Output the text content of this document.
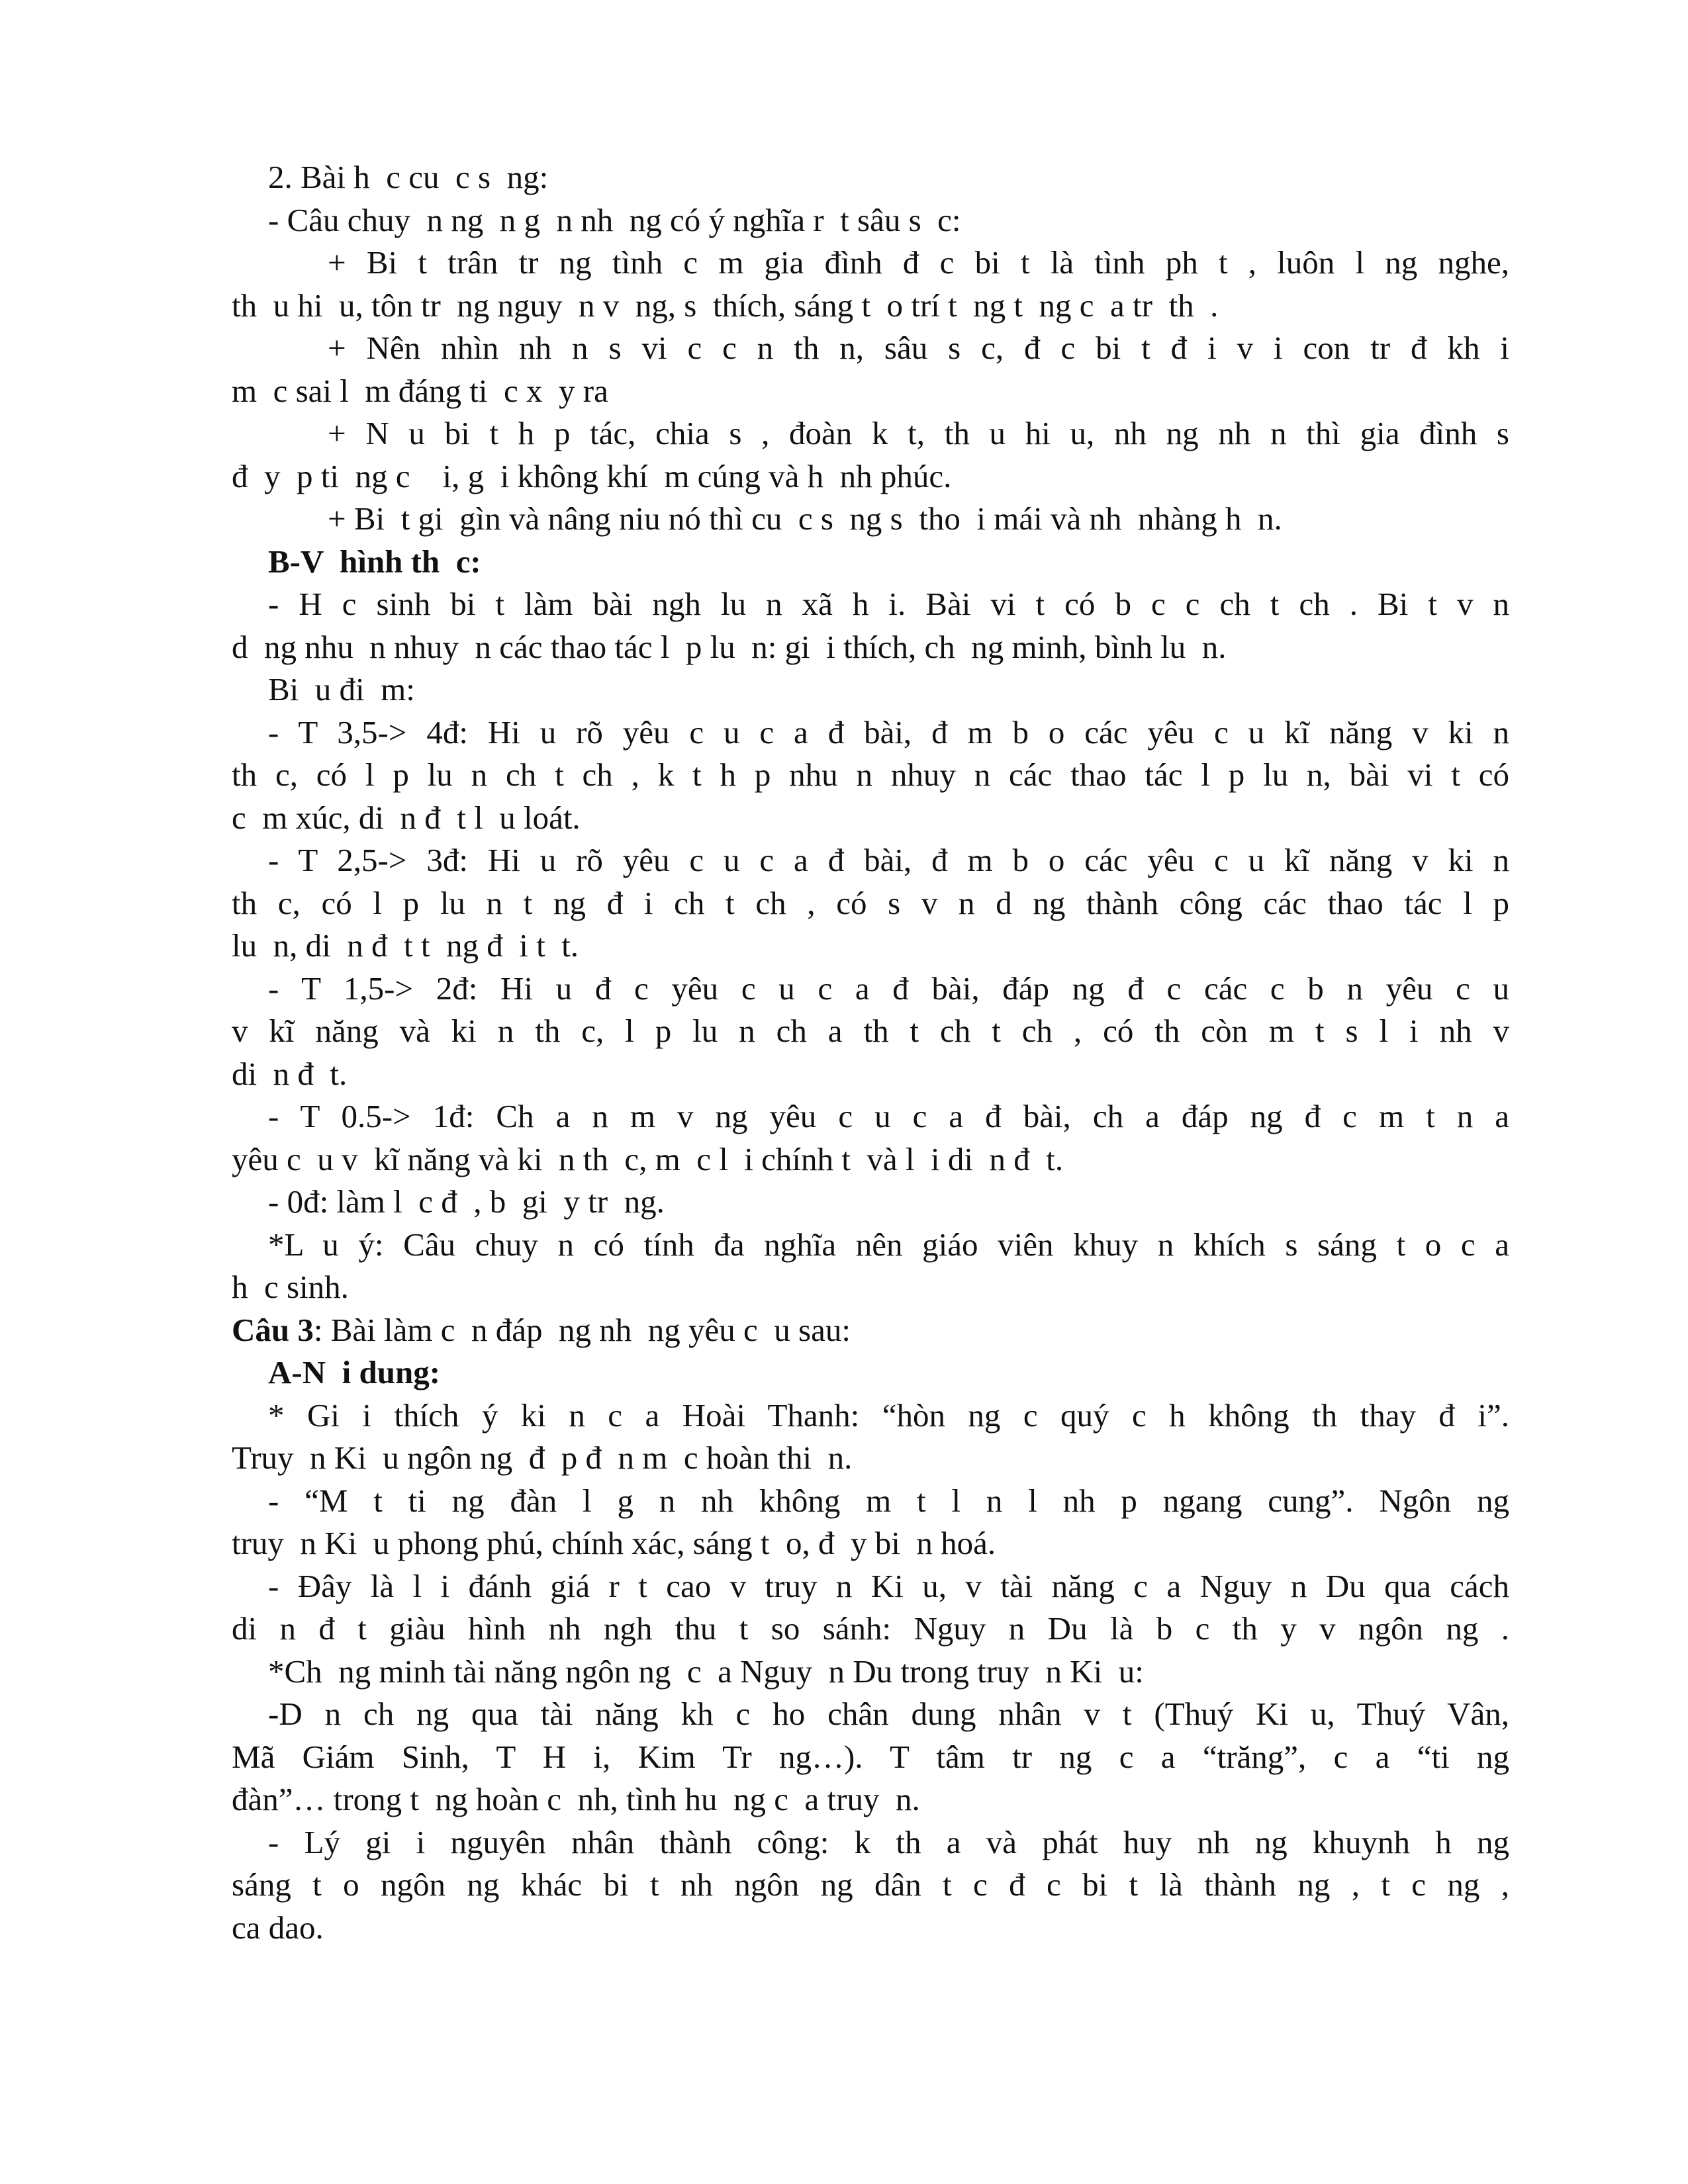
2. Bài h  c cu  c s  ng:
- Câu chuy  n ng  n g  n nh  ng có ý nghĩa r  t sâu s  c:
+ Bi t trân tr ng tình c m gia đình đ c bi t là tình ph t , luôn l ng nghe,
th  u hi  u, tôn tr  ng nguy  n v  ng, s  thích, sáng t  o trí t  ng t  ng c  a tr  th  .
+ Nên nhìn nh n s vi c c n th n, sâu s c, đ c bi t đ i v i con tr đ kh i
m  c sai l  m đáng ti  c x  y ra
+ N u bi t h p tác, chia s , đoàn k t, th u hi u, nh ng nh n thì gia đình s
đ  y  p ti  ng c    i, g  i không khí  m cúng và h  nh phúc.
+ Bi  t gi  gìn và nâng niu nó thì cu  c s  ng s  tho  i mái và nh  nhàng h  n.
B-V  hình th  c:
- H c sinh bi t làm bài ngh lu n xã h i. Bài vi t có b c c ch t ch . Bi t v n
d  ng nhu  n nhuy  n các thao tác l  p lu  n: gi  i thích, ch  ng minh, bình lu  n.
Bi  u đi  m:
- T 3,5-> 4đ: Hi u rõ yêu c u c a đ bài, đ m b o các yêu c u kĩ năng v ki n
th c, có l p lu n ch t ch , k t h p nhu n nhuy n các thao tác l p lu n, bài vi t có
c  m xúc, di  n đ  t l  u loát.
- T 2,5-> 3đ: Hi u rõ yêu c u c a đ bài, đ m b o các yêu c u kĩ năng v ki n
th c, có l p lu n t ng đ i ch t ch , có s v n d ng thành công các thao tác l p
lu  n, di  n đ  t t  ng đ  i t  t.
- T 1,5-> 2đ: Hi u đ c yêu c u c a đ bài, đáp ng đ c các c b n yêu c u
v kĩ năng và ki n th c, l p lu n ch a th t ch t ch , có th còn m t s l i nh v
di  n đ  t.
- T 0.5-> 1đ: Ch a n m v ng yêu c u c a đ bài, ch a đáp ng đ c m t n a
yêu c  u v  kĩ năng và ki  n th  c, m  c l  i chính t  và l  i di  n đ  t.
- 0đ: làm l  c đ  , b  gi  y tr  ng.
*L u ý: Câu chuy n có tính đa nghĩa nên giáo viên khuy n khích s sáng t o c a
h  c sinh.
Câu 3: Bài làm c  n đáp  ng nh  ng yêu c  u sau:
A-N  i dung:
* Gi i thích ý ki n c a Hoài Thanh: “hòn ng c quý c h không th thay đ i”.
Truy  n Ki  u ngôn ng  đ  p đ  n m  c hoàn thi  n.
- “M t ti ng đàn l g n nh không m t l n l nh p ngang cung”. Ngôn ng
truy  n Ki  u phong phú, chính xác, sáng t  o, đ  y bi  n hoá.
- Đây là l i đánh giá r t cao v truy n Ki u, v tài năng c a Nguy n Du qua cách
di n đ t giàu hình nh ngh thu t so sánh: Nguy n Du là b c th y v ngôn ng .
*Ch  ng minh tài năng ngôn ng  c  a Nguy  n Du trong truy  n Ki  u:
-D n ch ng qua tài năng kh c ho chân dung nhân v t (Thuý Ki u, Thuý Vân,
Mã Giám Sinh, T H i, Kim Tr ng…). T tâm tr ng c a “trăng”, c a “ti ng
đàn”… trong t  ng hoàn c  nh, tình hu  ng c  a truy  n.
- Lý gi i nguyên nhân thành công: k th a và phát huy nh ng khuynh h ng
sáng t o ngôn ng khác bi t nh ngôn ng dân t c đ c bi t là thành ng , t c ng ,
ca dao.
